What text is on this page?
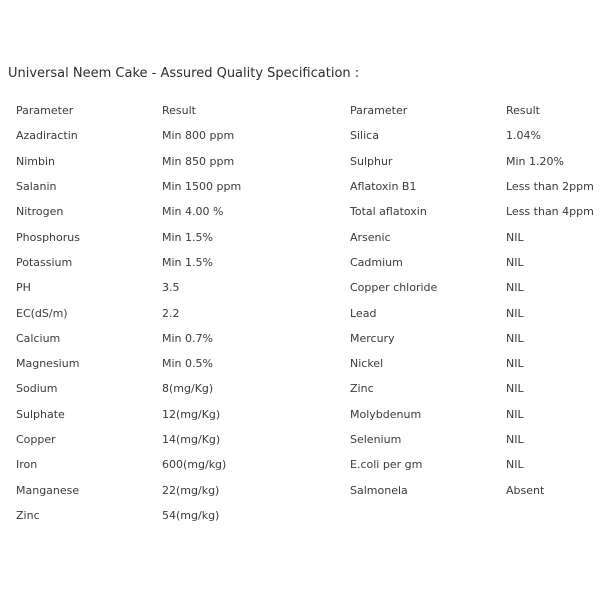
Universal Neem Cake - Assured Quality Specification :
Parameter	Result	Parameter	Result
Azadiractin	Min 800 ppm	Silica	1.04%
Nimbin	Min 850 ppm	Sulphur	Min 1.20%
Salanin	Min 1500 ppm	Aflatoxin B1	Less than 2ppm
Nitrogen	Min 4.00 %	Total aflatoxin	Less than 4ppm
Phosphorus	Min 1.5%	Arsenic	NIL
Potassium	Min 1.5%	Cadmium	NIL
PH	3.5	Copper chloride	NIL
EC(dS/m)	2.2	Lead	NIL
Calcium	Min 0.7%	Mercury	NIL
Magnesium	Min 0.5%	Nickel	NIL
Sodium	8(mg/Kg)	Zinc	NIL
Sulphate	12(mg/Kg)	Molybdenum	NIL
Copper	14(mg/Kg)	Selenium	NIL
Iron	600(mg/kg)	E.coli per gm	NIL
Manganese	22(mg/kg)	Salmonela	Absent
Zinc	54(mg/kg)		
